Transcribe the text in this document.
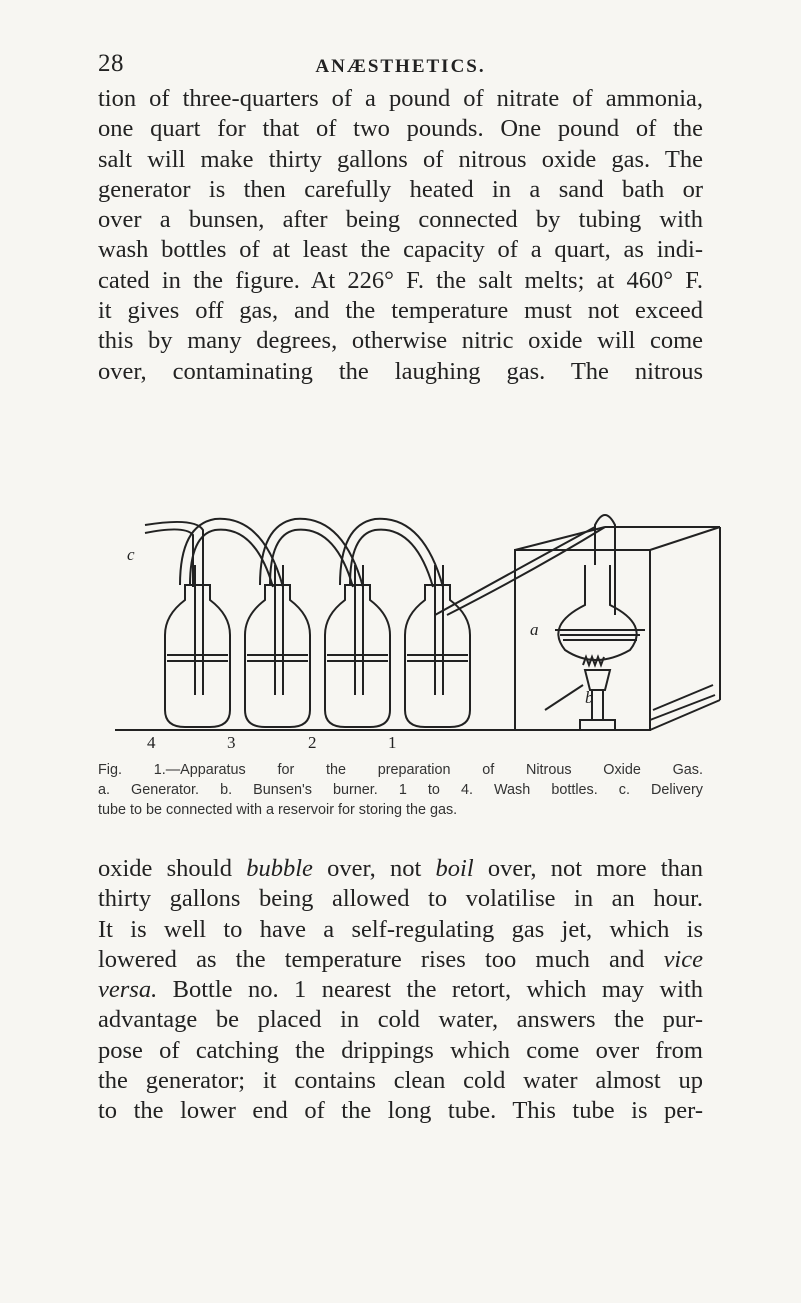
28	ANÆSTHETICS.
tion of three-quarters of a pound of nitrate of ammonia,
one quart for that of two pounds. One pound of the
salt will make thirty gallons of nitrous oxide gas. The
generator is then carefully heated in a sand bath or
over a bunsen, after being connected by tubing with
wash bottles of at least the capacity of a quart, as indi-
cated in the figure. At 226° F. the salt melts; at 460° F.
it gives off gas, and the temperature must not exceed
this by many degrees, otherwise nitric oxide will come
over, contaminating the laughing gas. The nitrous
c
a
b
4	3	2	1
Fig. 1.—Apparatus for the preparation of Nitrous Oxide Gas.
a. Generator. b. Bunsen's burner. 1 to 4. Wash bottles. c. Delivery
tube to be connected with a reservoir for storing the gas.
oxide should bubble over, not boil over, not more than
thirty gallons being allowed to volatilise in an hour.
It is well to have a self-regulating gas jet, which is
lowered as the temperature rises too much and vice
versa. Bottle no. 1 nearest the retort, which may with
advantage be placed in cold water, answers the pur-
pose of catching the drippings which come over from
the generator; it contains clean cold water almost up
to the lower end of the long tube. This tube is per-
